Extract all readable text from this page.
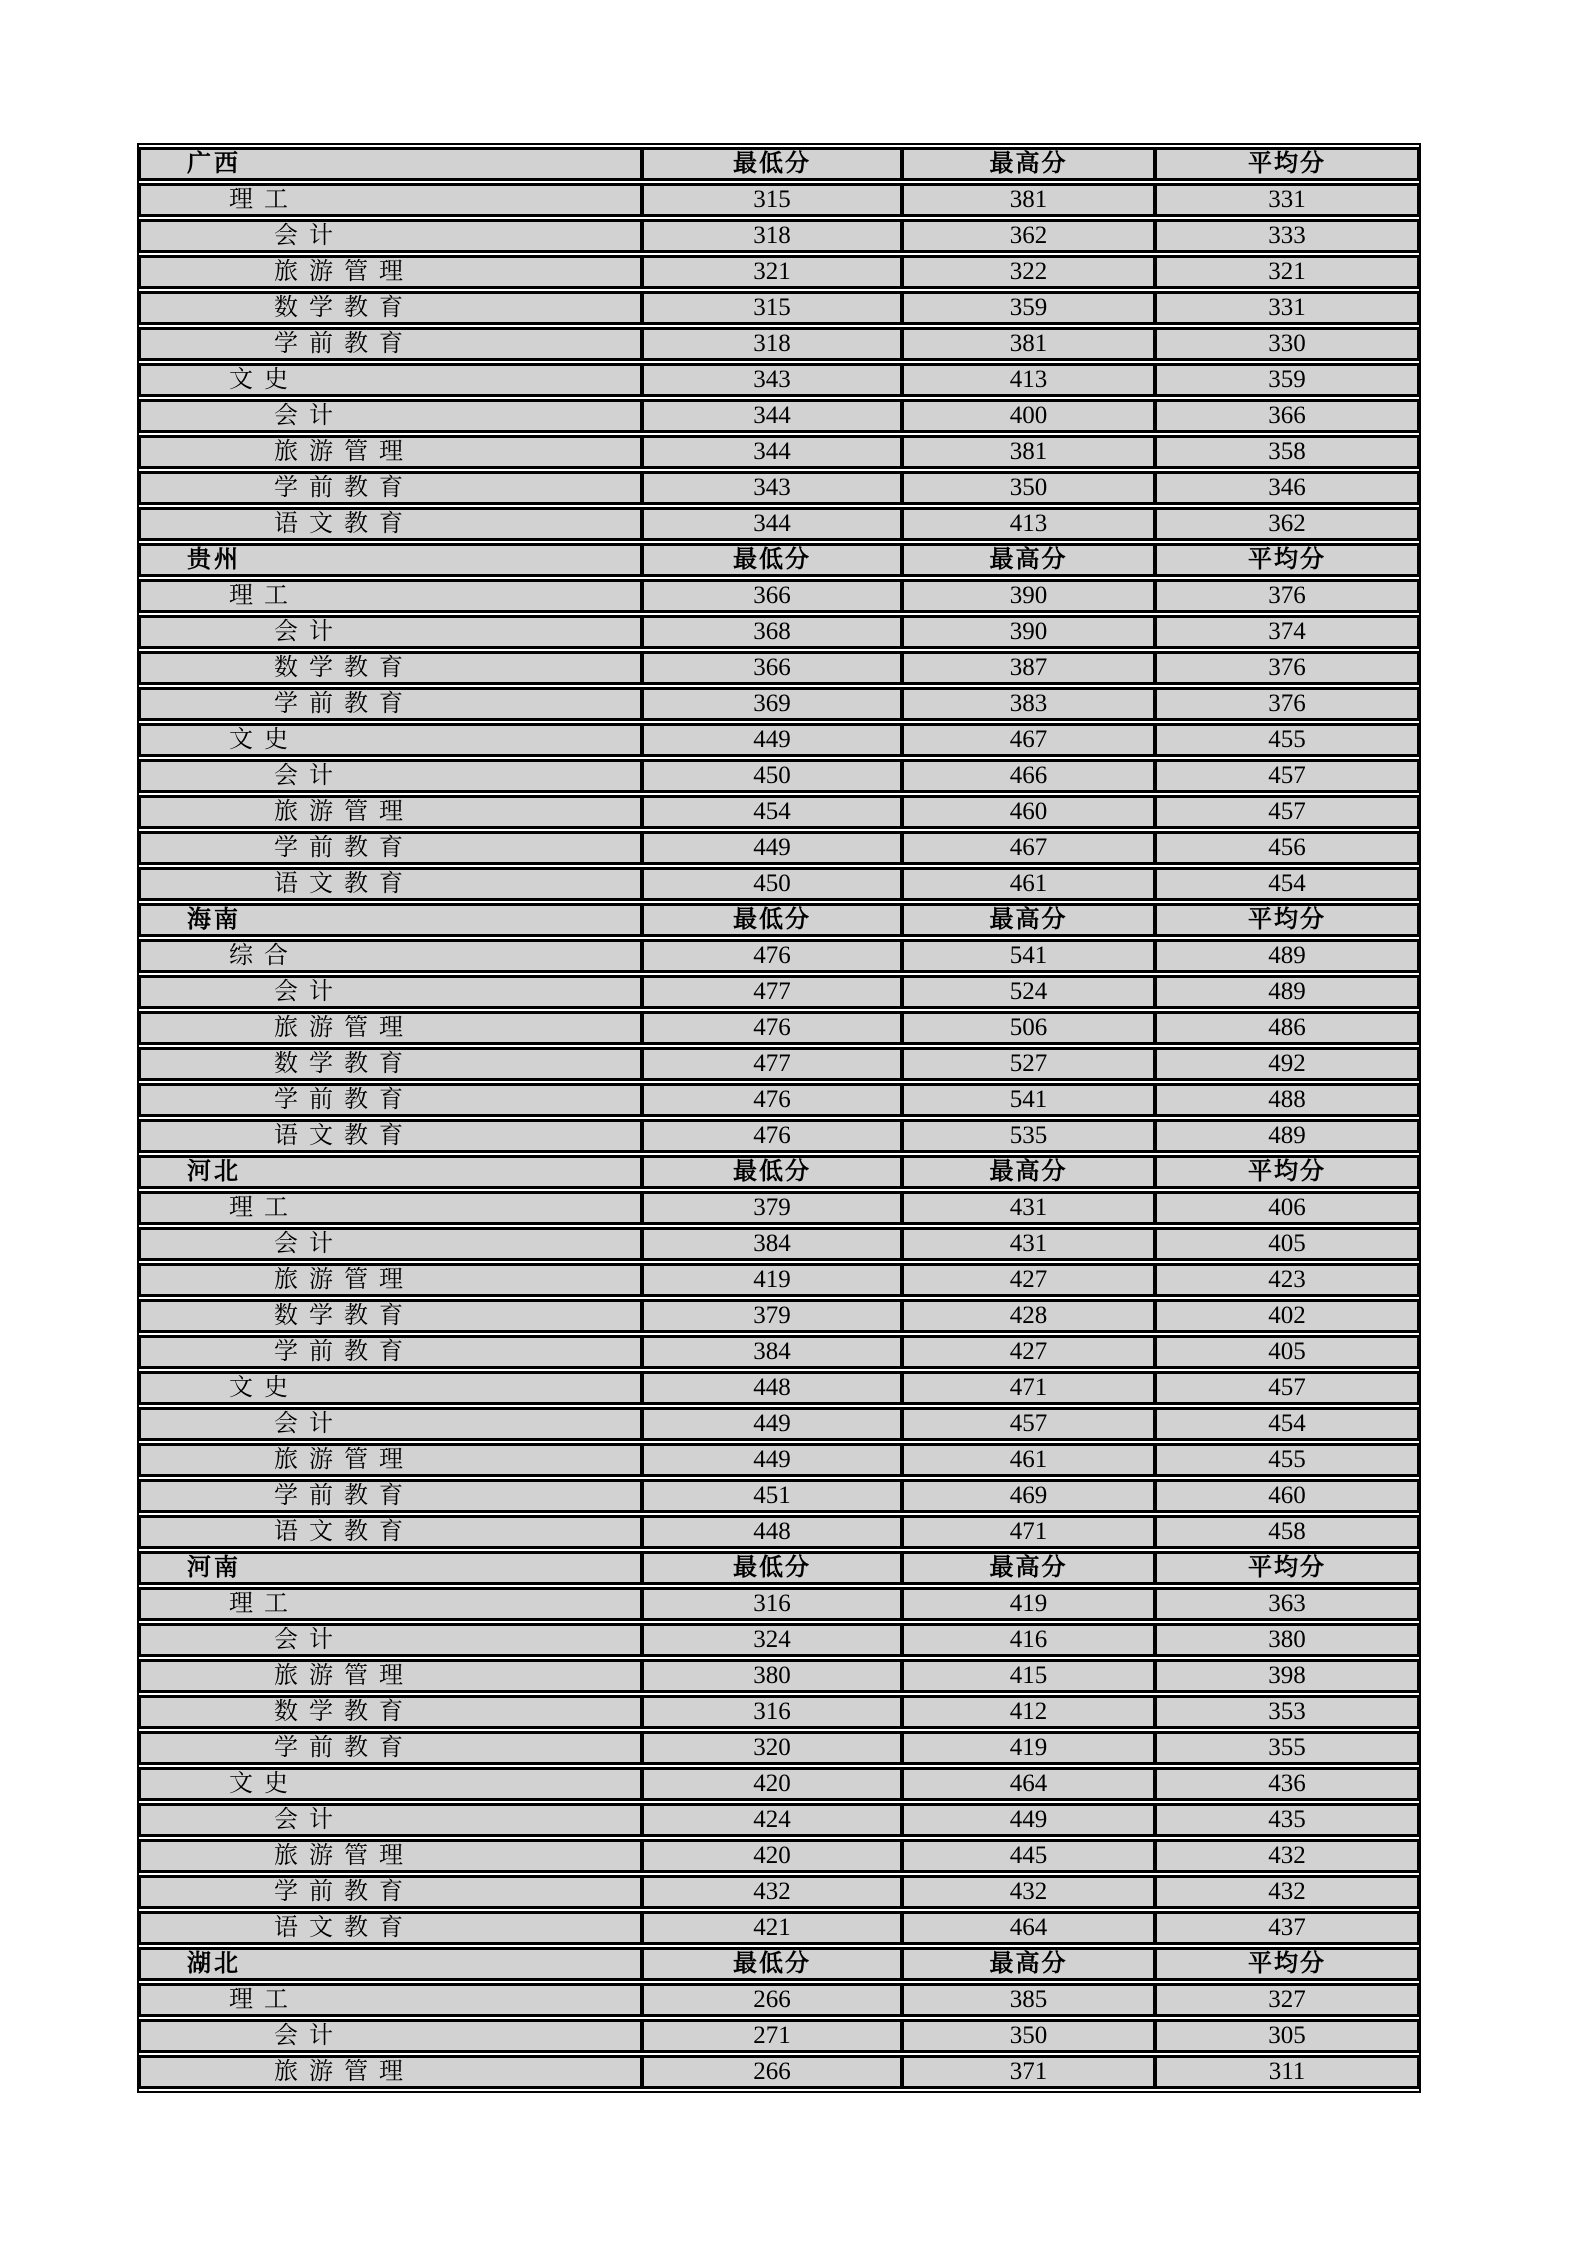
广西	最低分	最高分	平均分
理工	315	381	331
会计	318	362	333
旅游管理	321	322	321
数学教育	315	359	331
学前教育	318	381	330
文史	343	413	359
会计	344	400	366
旅游管理	344	381	358
学前教育	343	350	346
语文教育	344	413	362
贵州	最低分	最高分	平均分
理工	366	390	376
会计	368	390	374
数学教育	366	387	376
学前教育	369	383	376
文史	449	467	455
会计	450	466	457
旅游管理	454	460	457
学前教育	449	467	456
语文教育	450	461	454
海南	最低分	最高分	平均分
综合	476	541	489
会计	477	524	489
旅游管理	476	506	486
数学教育	477	527	492
学前教育	476	541	488
语文教育	476	535	489
河北	最低分	最高分	平均分
理工	379	431	406
会计	384	431	405
旅游管理	419	427	423
数学教育	379	428	402
学前教育	384	427	405
文史	448	471	457
会计	449	457	454
旅游管理	449	461	455
学前教育	451	469	460
语文教育	448	471	458
河南	最低分	最高分	平均分
理工	316	419	363
会计	324	416	380
旅游管理	380	415	398
数学教育	316	412	353
学前教育	320	419	355
文史	420	464	436
会计	424	449	435
旅游管理	420	445	432
学前教育	432	432	432
语文教育	421	464	437
湖北	最低分	最高分	平均分
理工	266	385	327
会计	271	350	305
旅游管理	266	371	311
